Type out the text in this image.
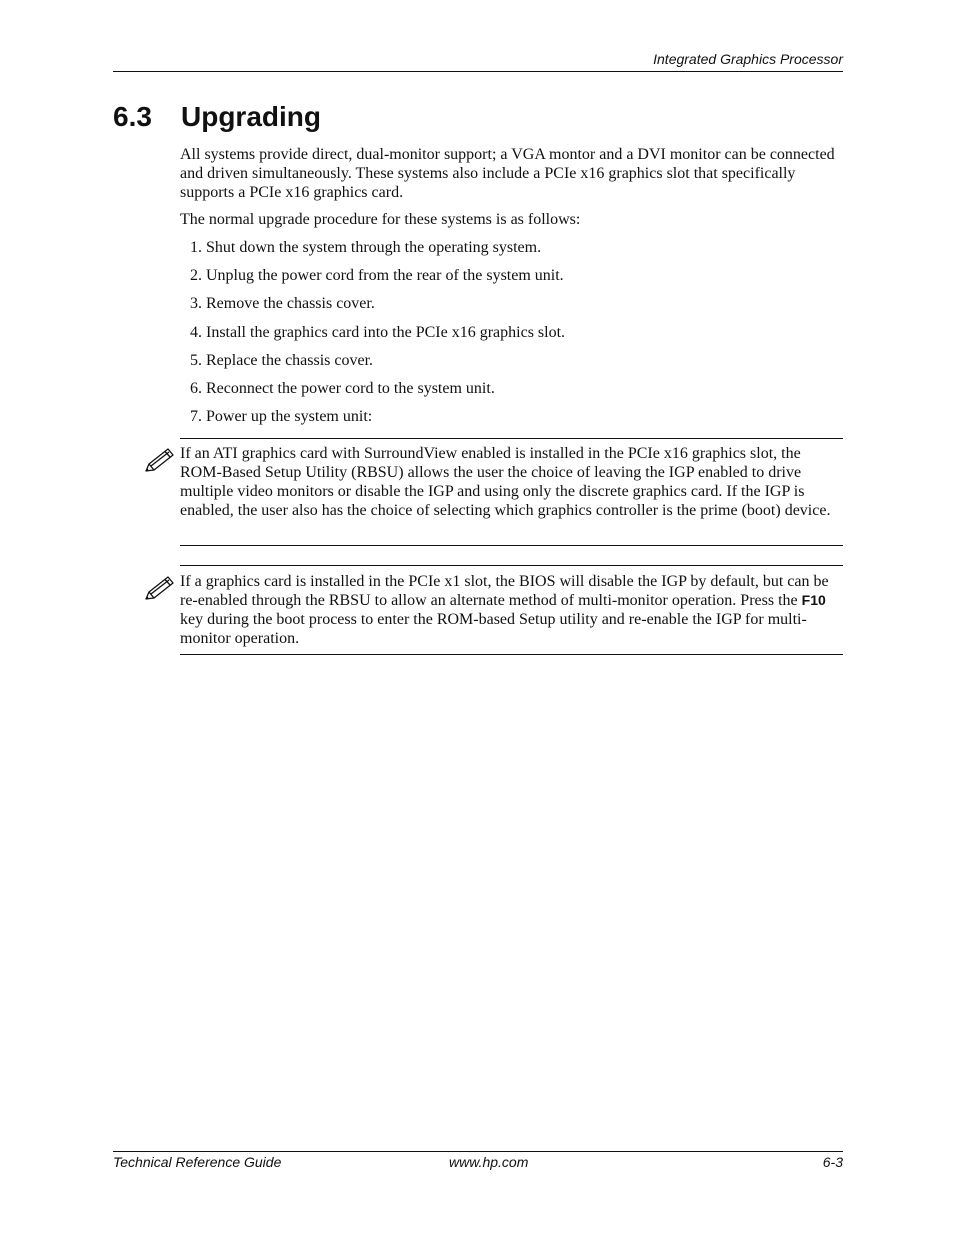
Integrated Graphics Processor
6.3 Upgrading

All systems provide direct, dual-monitor support; a VGA montor and a DVI monitor can be connected and driven simultaneously. These systems also include a PCIe x16 graphics slot that specifically supports a PCIe x16 graphics card.

The normal upgrade procedure for these systems is as follows:

1. Shut down the system through the operating system.

2. Unplug the power cord from the rear of the system unit.

3. Remove the chassis cover.

4. Install the graphics card into the PCIe x16 graphics slot.

5. Replace the chassis cover.

6. Reconnect the power cord to the system unit.

7. Power up the system unit:

If an ATI graphics card with SurroundView enabled is installed in the PCIe x16 graphics slot, the ROM-Based Setup Utility (RBSU) allows the user the choice of leaving the IGP enabled to drive multiple video monitors or disable the IGP and using only the discrete graphics card. If the IGP is enabled, the user also has the choice of selecting which graphics controller is the prime (boot) device.

If a graphics card is installed in the PCIe x1 slot, the BIOS will disable the IGP by default, but can be re-enabled through the RBSU to allow an alternate method of multi-monitor operation. Press the F10 key during the boot process to enter the ROM-based Setup utility and re-enable the IGP for multi-monitor operation.

Technical Reference Guide	www.hp.com	6-3
